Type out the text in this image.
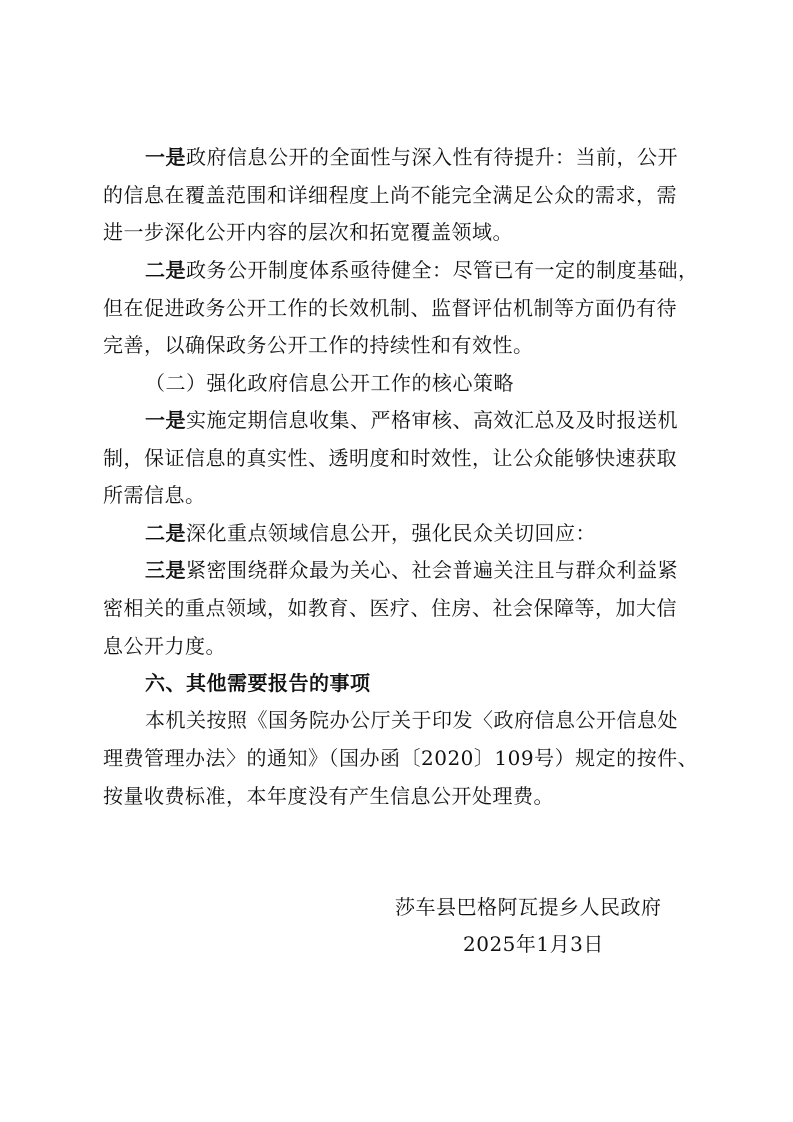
一是政府信息公开的全面性与深入性有待提升：当前，公开
的信息在覆盖范围和详细程度上尚不能完全满足公众的需求，需
进一步深化公开内容的层次和拓宽覆盖领域。
二是政务公开制度体系亟待健全：尽管已有一定的制度基础，
但在促进政务公开工作的长效机制、监督评估机制等方面仍有待
完善，以确保政务公开工作的持续性和有效性。
（二）强化政府信息公开工作的核心策略
一是实施定期信息收集、严格审核、高效汇总及及时报送机
制，保证信息的真实性、透明度和时效性，让公众能够快速获取
所需信息。
二是深化重点领域信息公开，强化民众关切回应：
三是紧密围绕群众最为关心、社会普遍关注且与群众利益紧
密相关的重点领域，如教育、医疗、住房、社会保障等，加大信
息公开力度。
六、其他需要报告的事项
本机关按照《国务院办公厅关于印发〈政府信息公开信息处
理费管理办法〉的通知》（国办函〔2020〕109号）规定的按件、
按量收费标准，本年度没有产生信息公开处理费。
莎车县巴格阿瓦提乡人民政府
2025年1月3日
